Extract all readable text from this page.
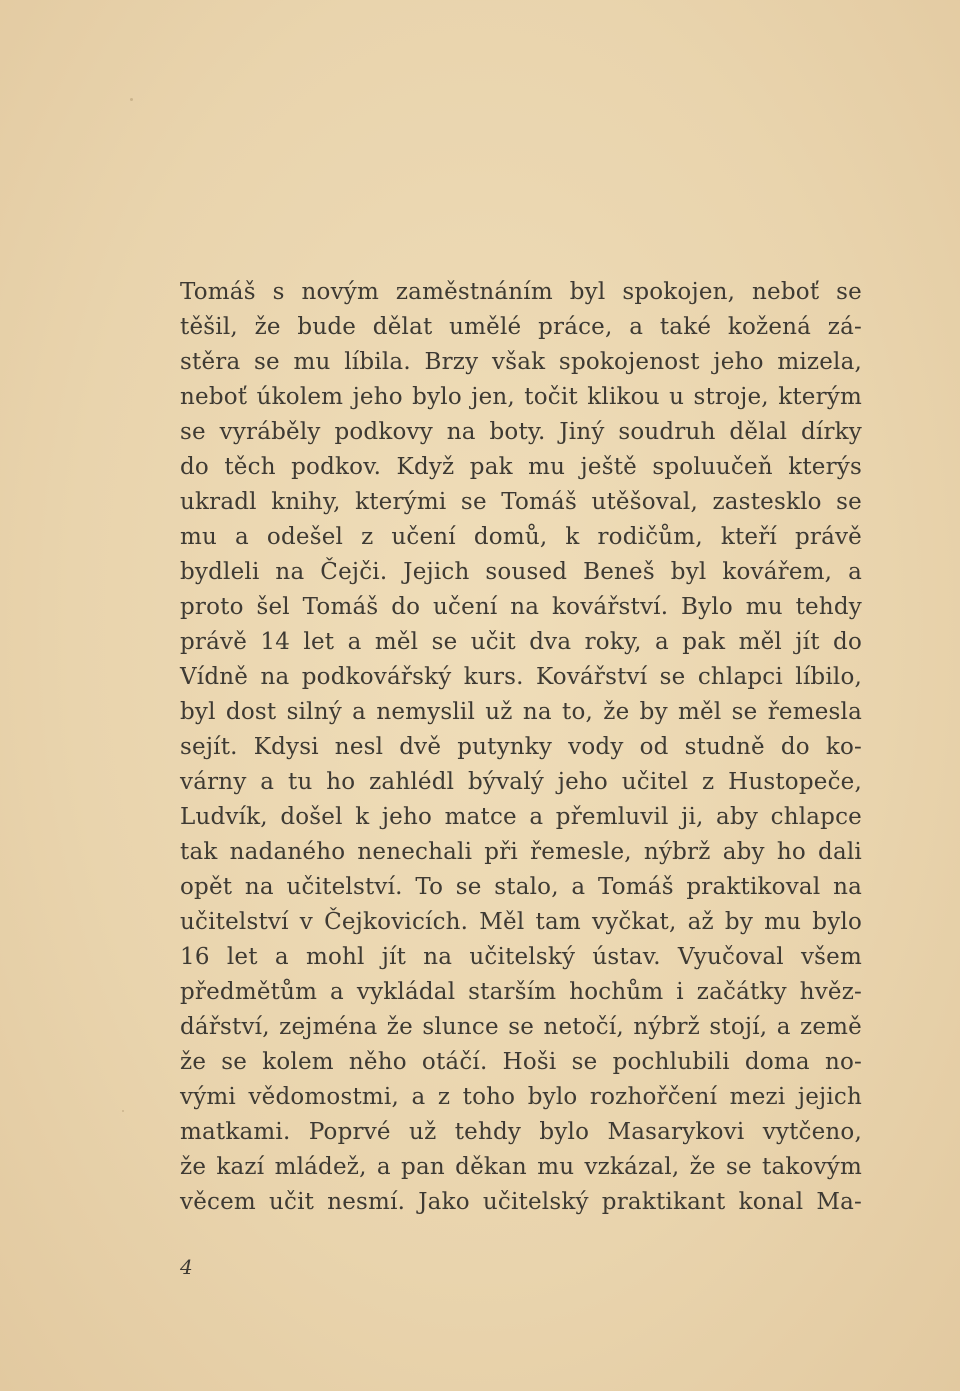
Tomáš s novým zaměstnáním byl spokojen, neboť se
těšil, že bude dělat umělé práce, a také kožená zá-
stěra se mu líbila. Brzy však spokojenost jeho mizela,
neboť úkolem jeho bylo jen, točit klikou u stroje, kterým
se vyráběly podkovy na boty. Jiný soudruh dělal dírky
do těch podkov. Když pak mu ještě spoluučeň kterýs
ukradl knihy, kterými se Tomáš utěšoval, zastesklo se
mu a odešel z učení domů, k rodičům, kteří právě
bydleli na Čejči. Jejich soused Beneš byl kovářem, a
proto šel Tomáš do učení na kovářství. Bylo mu tehdy
právě 14 let a měl se učit dva roky, a pak měl jít do
Vídně na podkovářský kurs. Kovářství se chlapci líbilo,
byl dost silný a nemyslil už na to, že by měl se řemesla
sejít. Kdysi nesl dvě putynky vody od studně do ko-
várny a tu ho zahlédl bývalý jeho učitel z Hustopeče,
Ludvík, došel k jeho matce a přemluvil ji, aby chlapce
tak nadaného nenechali při řemesle, nýbrž aby ho dali
opět na učitelství. To se stalo, a Tomáš praktikoval na
učitelství v Čejkovicích. Měl tam vyčkat, až by mu bylo
16 let a mohl jít na učitelský ústav. Vyučoval všem
předmětům a vykládal starším hochům i začátky hvěz-
dářství, zejména že slunce se netočí, nýbrž stojí, a země
že se kolem něho otáčí. Hoši se pochlubili doma no-
vými vědomostmi, a z toho bylo rozhořčení mezi jejich
matkami. Poprvé už tehdy bylo Masarykovi vytčeno,
že kazí mládež, a pan děkan mu vzkázal, že se takovým
věcem učit nesmí. Jako učitelský praktikant konal Ma-
4
